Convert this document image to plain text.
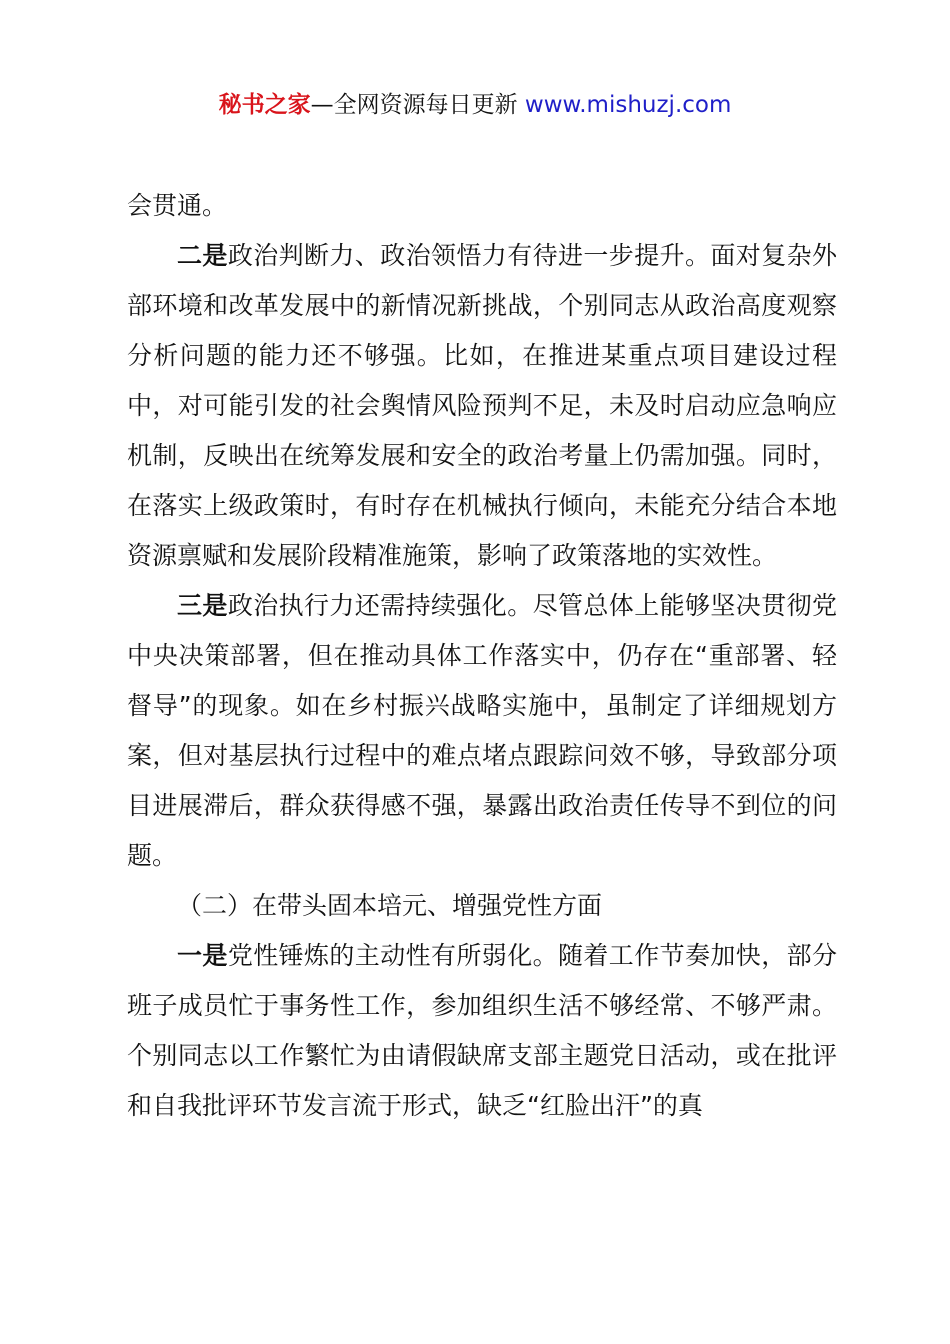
秘书之家—全网资源每日更新 www.mishuzj.com

会贯通。

二是政治判断力、政治领悟力有待进一步提升。面对复杂外部环境和改革发展中的新情况新挑战，个别同志从政治高度观察分析问题的能力还不够强。比如，在推进某重点项目建设过程中，对可能引发的社会舆情风险预判不足，未及时启动应急响应机制，反映出在统筹发展和安全的政治考量上仍需加强。同时，在落实上级政策时，有时存在机械执行倾向，未能充分结合本地资源禀赋和发展阶段精准施策，影响了政策落地的实效性。

三是政治执行力还需持续强化。尽管总体上能够坚决贯彻党中央决策部署，但在推动具体工作落实中，仍存在“重部署、轻督导”的现象。如在乡村振兴战略实施中，虽制定了详细规划方案，但对基层执行过程中的难点堵点跟踪问效不够，导致部分项目进展滞后，群众获得感不强，暴露出政治责任传导不到位的问题。

（二）在带头固本培元、增强党性方面

一是党性锤炼的主动性有所弱化。随着工作节奏加快，部分班子成员忙于事务性工作，参加组织生活不够经常、不够严肃。个别同志以工作繁忙为由请假缺席支部主题党日活动，或在批评和自我批评环节发言流于形式，缺乏“红脸出汗”的真
